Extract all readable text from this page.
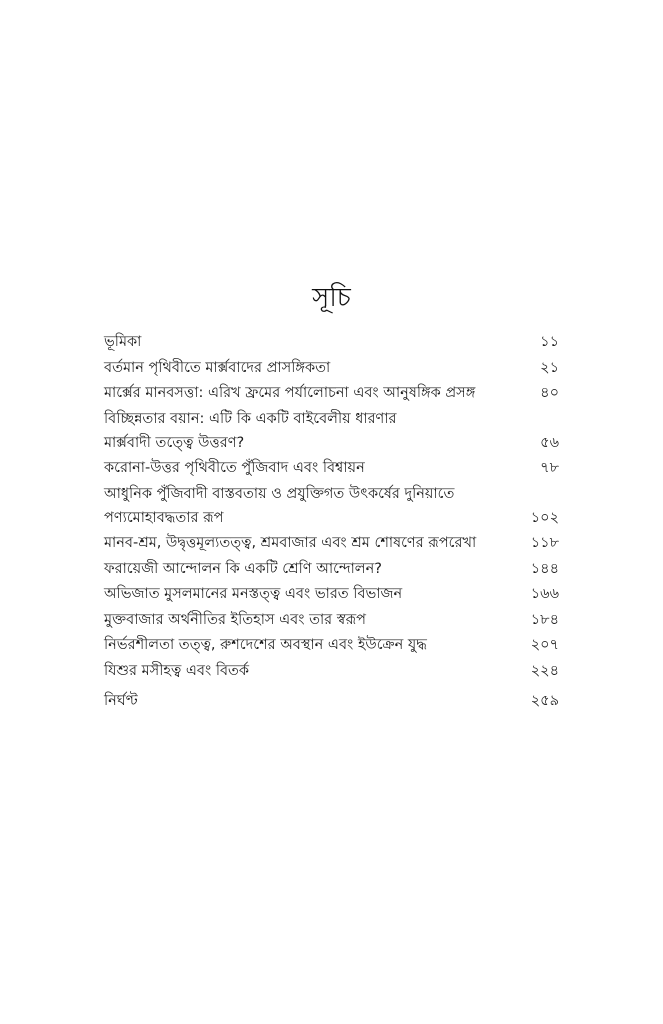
সূচি
ভূমিকা	১১
বর্তমান পৃথিবীতে মার্ক্সবাদের প্রাসঙ্গিকতা	২১
মার্ক্সের মানবসত্তা: এরিখ ফ্রমের পর্যালোচনা এবং আনুষঙ্গিক প্রসঙ্গ	৪০
বিচ্ছিন্নতার বয়ান: এটি কি একটি বাইবেলীয় ধারণার
মার্ক্সবাদী তত্ত্বে উত্তরণ?	৫৬
করোনা-উত্তর পৃথিবীতে পুঁজিবাদ এবং বিশ্বায়ন	৭৮
আধুনিক পুঁজিবাদী বাস্তবতায় ও প্রযুক্তিগত উৎকর্ষের দুনিয়াতে
পণ্যমোহাবদ্ধতার রূপ	১০২
মানব-শ্রম, উদ্বৃত্তমূল্যতত্ত্ব, শ্রমবাজার এবং শ্রম শোষণের রূপরেখা	১১৮
ফরায়েজী আন্দোলন কি একটি শ্রেণি আন্দোলন?	১৪৪
অভিজাত মুসলমানের মনস্তত্ত্ব এবং ভারত বিভাজন	১৬৬
মুক্তবাজার অর্থনীতির ইতিহাস এবং তার স্বরূপ	১৮৪
নির্ভরশীলতা তত্ত্ব, রুশদেশের অবস্থান এবং ইউক্রেন যুদ্ধ	২০৭
যিশুর মসীহত্ব এবং বিতর্ক	২২৪
নির্ঘণ্ট	২৫৯
